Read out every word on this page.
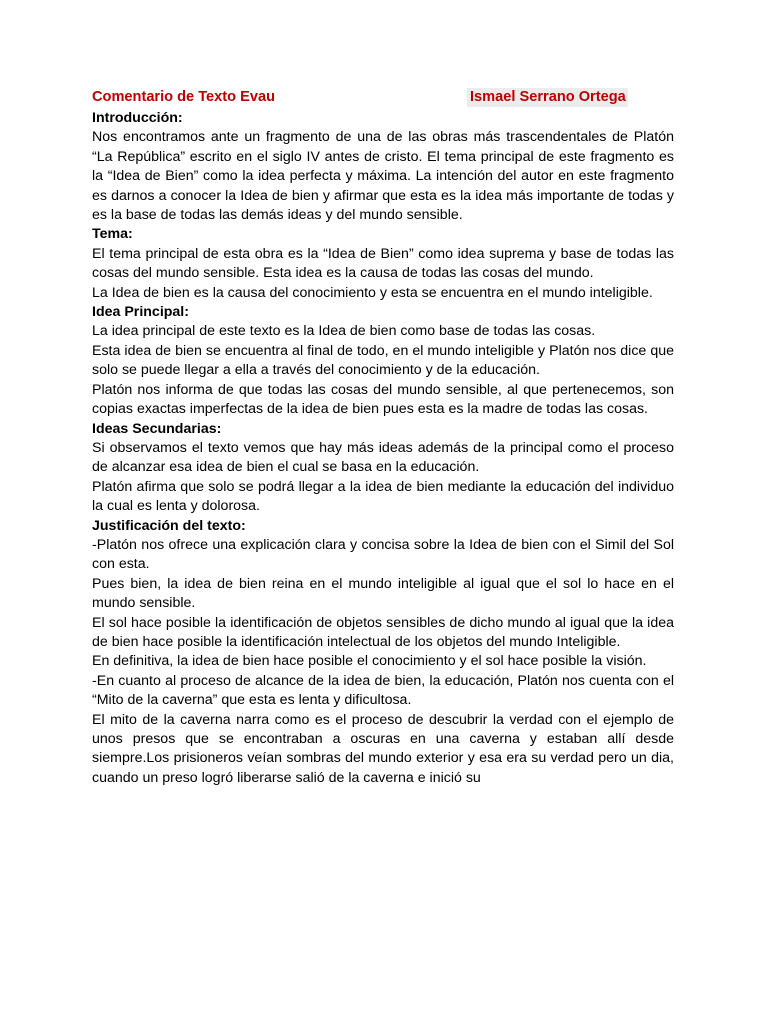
Comentario de Texto Evau	Ismael Serrano Ortega

Introducción:

Nos encontramos ante un fragmento de una de las obras más trascendentales de Platón “La República” escrito en el siglo IV antes de cristo. El tema principal de este fragmento es la “Idea de Bien” como la idea perfecta y máxima. La intención del autor en este fragmento es darnos a conocer la Idea de bien y afirmar que esta es la idea más importante de todas y es la base de todas las demás ideas y del mundo sensible.

Tema:

El tema principal de esta obra es la “Idea de Bien” como idea suprema y base de todas las cosas del mundo sensible. Esta idea es la causa de todas las cosas del mundo.

La Idea de bien es la causa del conocimiento y esta se encuentra en el mundo inteligible.

Idea Principal:

La idea principal de este texto es la Idea de bien como base de todas las cosas.

Esta idea de bien se encuentra al final de todo, en el mundo inteligible y Platón nos dice que solo se puede llegar a ella a través del conocimiento y de la educación.

Platón nos informa de que todas las cosas del mundo sensible, al que pertenecemos, son copias exactas imperfectas de la idea de bien pues esta es la madre de todas las cosas.

Ideas Secundarias:

Si observamos el texto vemos que hay más ideas además de la principal como el proceso de alcanzar esa idea de bien el cual se basa en la educación.

Platón afirma que solo se podrá llegar a la idea de bien mediante la educación del individuo la cual es lenta y dolorosa.

Justificación del texto:

-Platón nos ofrece una explicación clara y concisa sobre la Idea de bien con el Simil del Sol con esta.

Pues bien, la idea de bien reina en el mundo inteligible al igual que el sol lo hace en el mundo sensible.

El sol hace posible la identificación de objetos sensibles de dicho mundo al igual que la idea de bien hace posible la identificación intelectual de los objetos del mundo Inteligible.

En definitiva, la idea de bien hace posible el conocimiento y el sol hace posible la visión.

-En cuanto al proceso de alcance de la idea de bien, la educación, Platón nos cuenta con el “Mito de la caverna” que esta es lenta y dificultosa.

El mito de la caverna narra como es el proceso de descubrir la verdad con el ejemplo de unos presos que se encontraban a oscuras en una caverna y estaban allí desde siempre.Los prisioneros veían sombras del mundo exterior y esa era su verdad pero un dia, cuando un preso logró liberarse salió de la caverna e inició su
